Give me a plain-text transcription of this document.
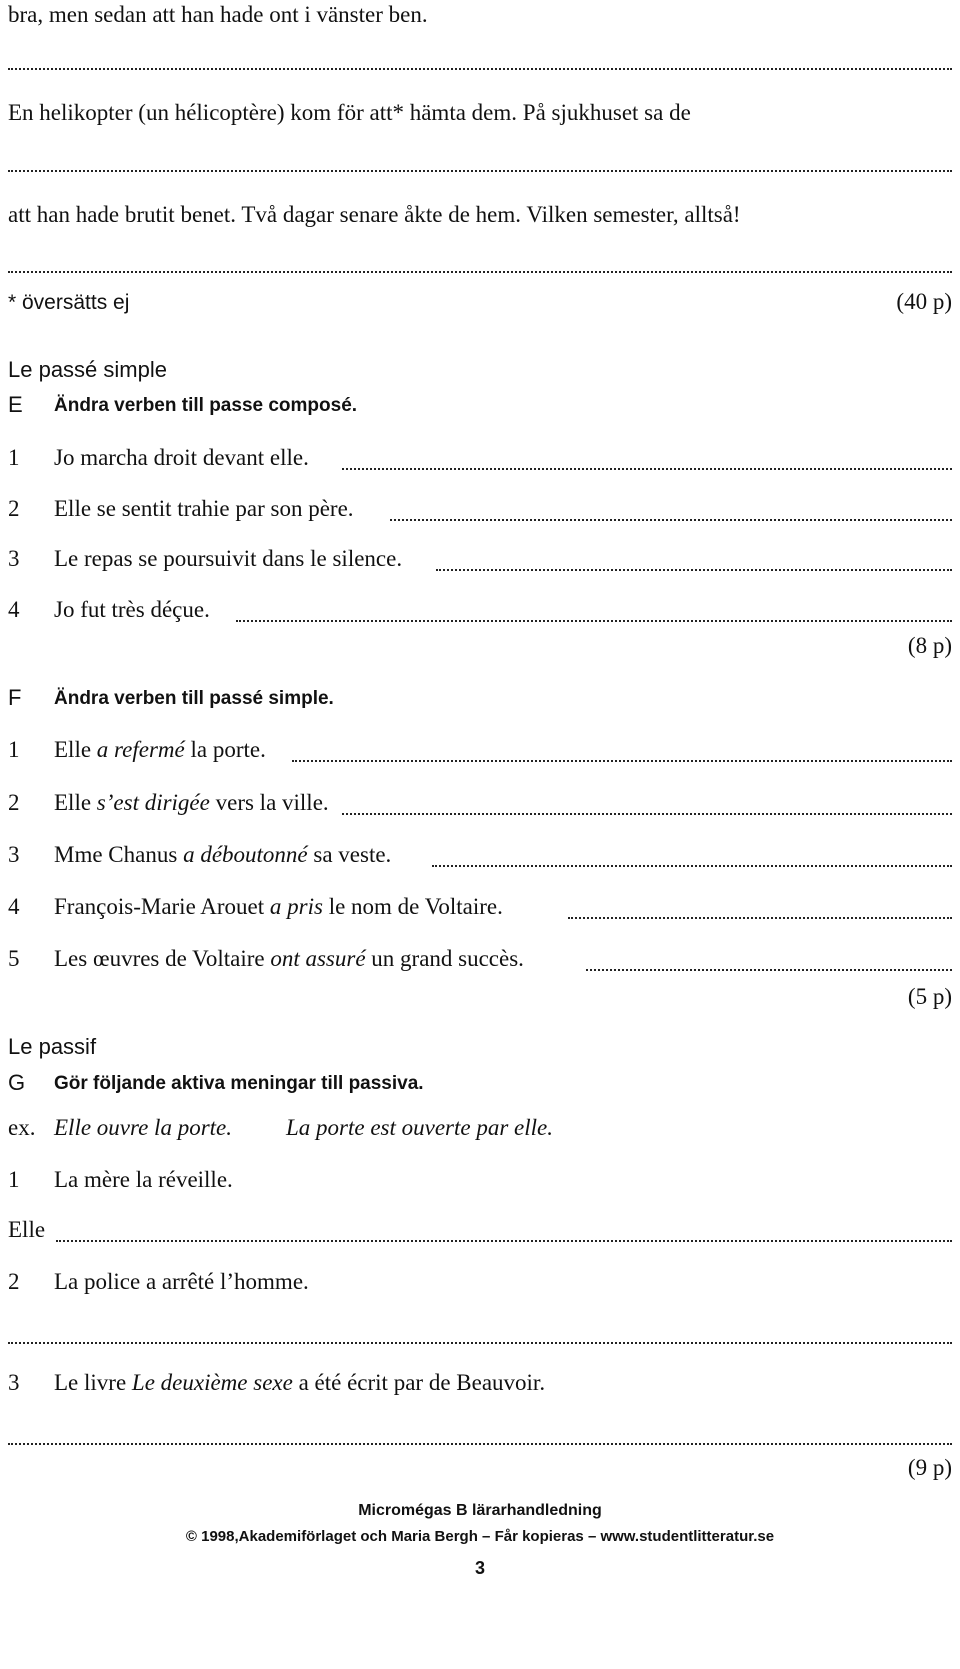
bra, men sedan att han hade ont i vänster ben.
En helikopter (un hélicoptère) kom för att* hämta dem. På sjukhuset sa de
att han hade brutit benet. Två dagar senare åkte de hem. Vilken semester, alltså!
* översätts ej	(40 p)
Le passé simple
E Ändra verben till passe composé.
1 Jo marcha droit devant elle.
2 Elle se sentit trahie par son père.
3 Le repas se poursuivit dans le silence.
4 Jo fut très déçue.
(8 p)
F Ändra verben till passé simple.
1 Elle a refermé la porte.
2 Elle s’est dirigée vers la ville.
3 Mme Chanus a déboutonné sa veste.
4 François-Marie Arouet a pris le nom de Voltaire.
5 Les œuvres de Voltaire ont assuré un grand succès.
(5 p)
Le passif
G Gör följande aktiva meningar till passiva.
ex. Elle ouvre la porte. La porte est ouverte par elle.
1 La mère la réveille.
Elle
2 La police a arrêté l’homme.
3 Le livre Le deuxième sexe a été écrit par de Beauvoir.
(9 p)
Micromégas B lärarhandledning
© 1998,Akademiförlaget och Maria Bergh – Får kopieras – www.studentlitteratur.se
3
